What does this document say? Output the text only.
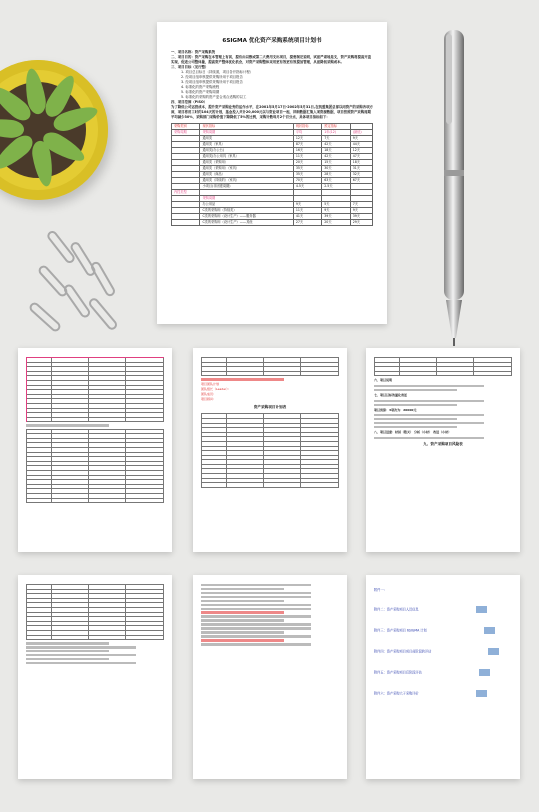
6SIGMA 优化资产采购系统项目计划书
一、项目名称：资产采购系统
二、项目目的：资产采购在本管理上有误，提有由以数或第二大费用支出项目，提要制定说明，试而严肃地是支，资产采购将提高开盘实现，促进公司整体量，提高资产整体优化机会，对资产采购整体采用更有效更有效提加管理，从而降低采购成本。
三、项目目标（见行整）
1. 项目总目标日（持续面，项目各开指标计程）
2. 经项目组申核提供采购所用于项目报告
3. 经项目组申核提供采购所用于项目报告
4. 标准化的资产采购流程
5. 标准化的资产采购周期
5. 标准化的采购的资产更合适合适购的以工
四、项目范围（PISO）
为了降低公司运营成本，提升资产采购业务的运作水平，在2001年5月17日-2002年5月31日,在凯盟集团总部以同资产的采购各项方面，项目将用工时约104天的计划，基金投入共计20,000元以与资业项目一起，详细数据汇集入项资源数据，项目按照资产采购周期平均减少30%，采购部门采购价值下降降低了5%的比例，采购计数每月2个百分点，具体项目指标如下：
采购类别	现状指标	现状指标	预定指标	
采购周期	采购周期	平均	1年(12)	(最低)
	通用类	12天	7天	9天
	通用类（家具）	87天	42天	44天
	通用类(办公台)	16天	18天	12天
	通用类(办公用具（家具）	11天	42天	47天
	通用类（采购用）	20天	15天	18天
	通用类（采购用）（家具）	35天	30天	31天
	通用类（商品）	35天	28天	32天
	通用类（持续的）（家具）	70天	63天	67天
	小项目(非固建周期)	4.5天	2.5天	
内控类型				
	采购周期			
	办公用品	9天	5天	7天
	C类的采购用（持续类）	11天	9天	9天
	C类的采购用（设计生产）——服务器	41天	39天	39天
	C类的采购用（设计生产）——其他	27天	20天	29天
项目团队计划
团队组长（Leader）：
团队成员：
项目顾问：
资产采购项目计划表
六、项目说明
七、项目目标的量化表述
项目预算：3项次为：20000元
八、项目进度：时间（数天） 分析（小时） 改进（小时）
九、资产采购项目风险表
附件一：
附件二：资产采购项目人员信息
附件三：资产采购项目 6SIGMA 计划
附件四：资产采购项目项目前阶段的评估
附件五：资产采购项目后阶段评估
附件六：资产采购大于采购评价
